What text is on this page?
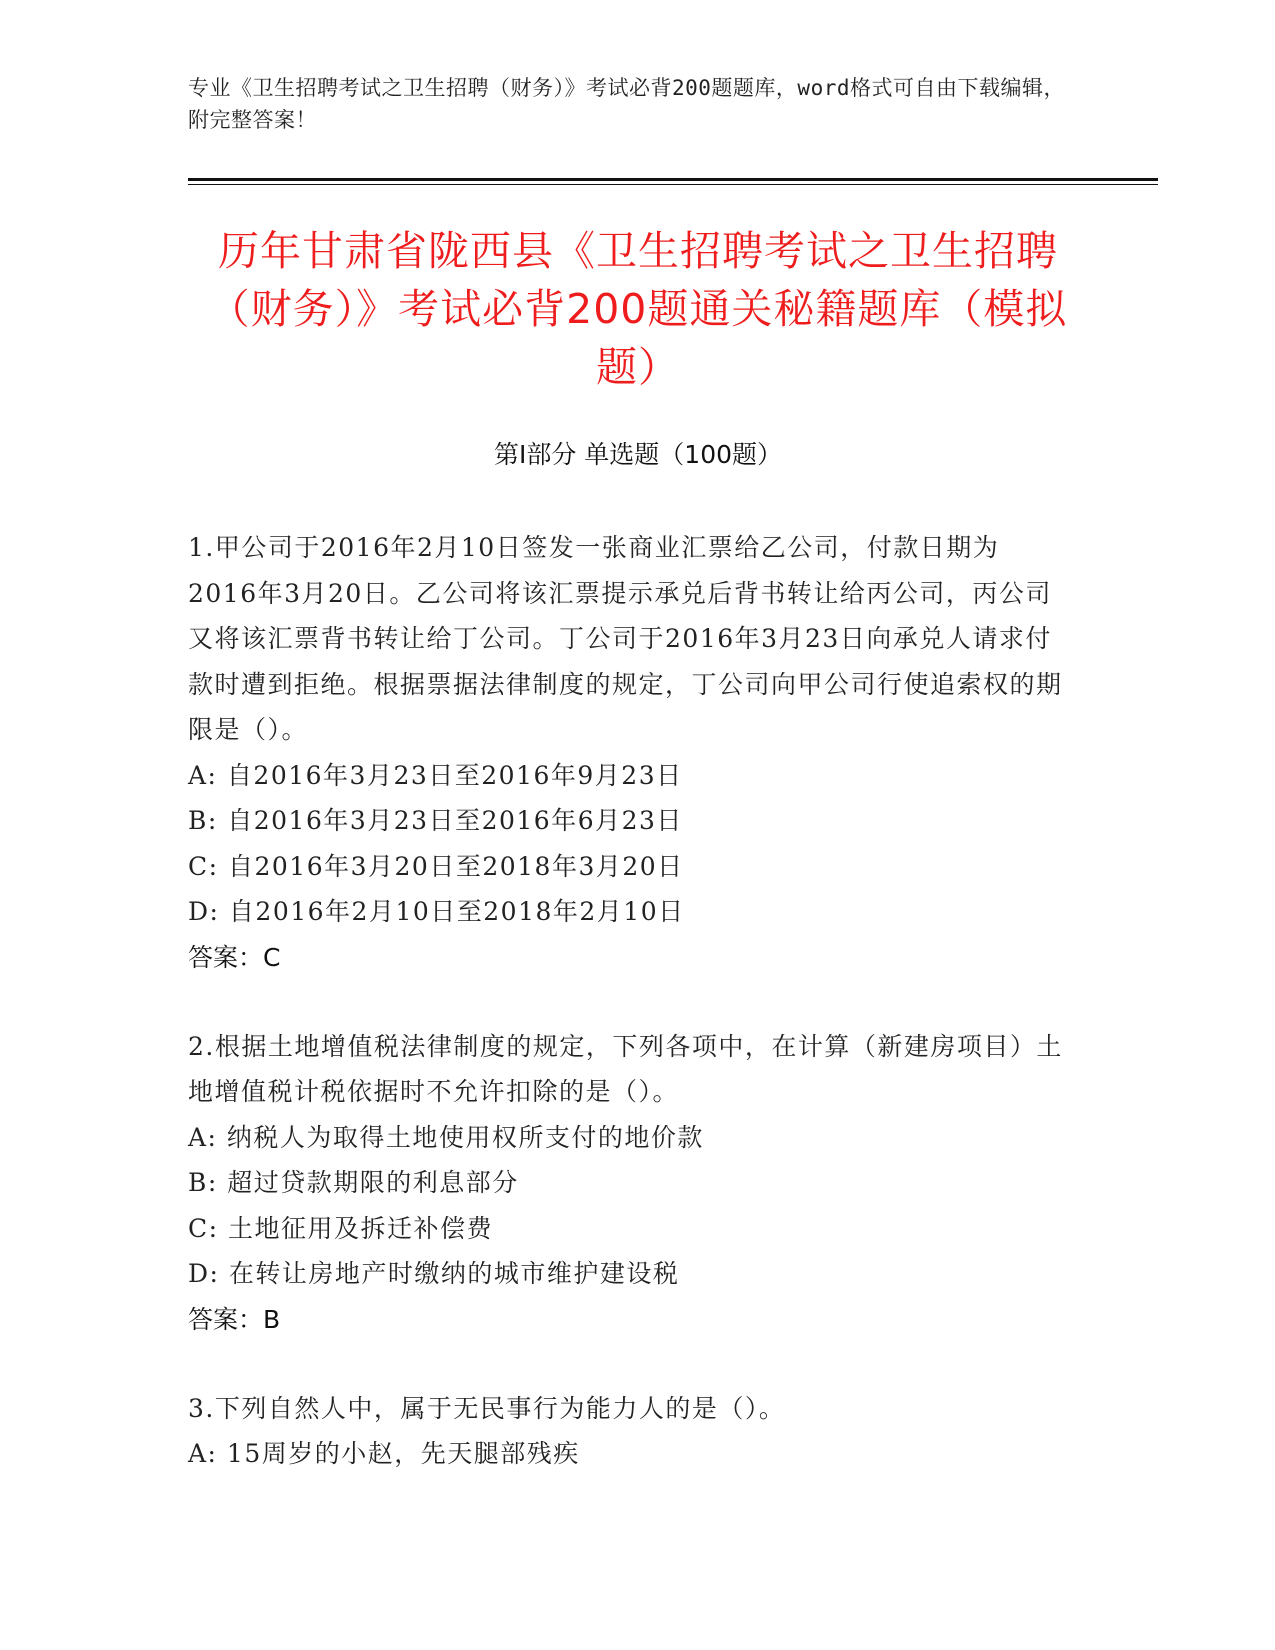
专业《卫生招聘考试之卫生招聘（财务）》考试必背200题题库，word格式可自由下载编辑，附完整答案！
历年甘肃省陇西县《卫生招聘考试之卫生招聘（财务）》考试必背200题通关秘籍题库（模拟题）
第Ⅰ部分 单选题（100题）
1.甲公司于2016年2月10日签发一张商业汇票给乙公司，付款日期为2016年3月20日。乙公司将该汇票提示承兑后背书转让给丙公司，丙公司又将该汇票背书转让给丁公司。丁公司于2016年3月23日向承兑人请求付款时遭到拒绝。根据票据法律制度的规定，丁公司向甲公司行使追索权的期限是（）。
A: 自2016年3月23日至2016年9月23日
B: 自2016年3月23日至2016年6月23日
C: 自2016年3月20日至2018年3月20日
D: 自2016年2月10日至2018年2月10日
答案：C
2.根据土地增值税法律制度的规定，下列各项中，在计算（新建房项目）土地增值税计税依据时不允许扣除的是（）。
A: 纳税人为取得土地使用权所支付的地价款
B: 超过贷款期限的利息部分
C: 土地征用及拆迁补偿费
D: 在转让房地产时缴纳的城市维护建设税
答案：B
3.下列自然人中，属于无民事行为能力人的是（）。
A: 15周岁的小赵，先天腿部残疾
